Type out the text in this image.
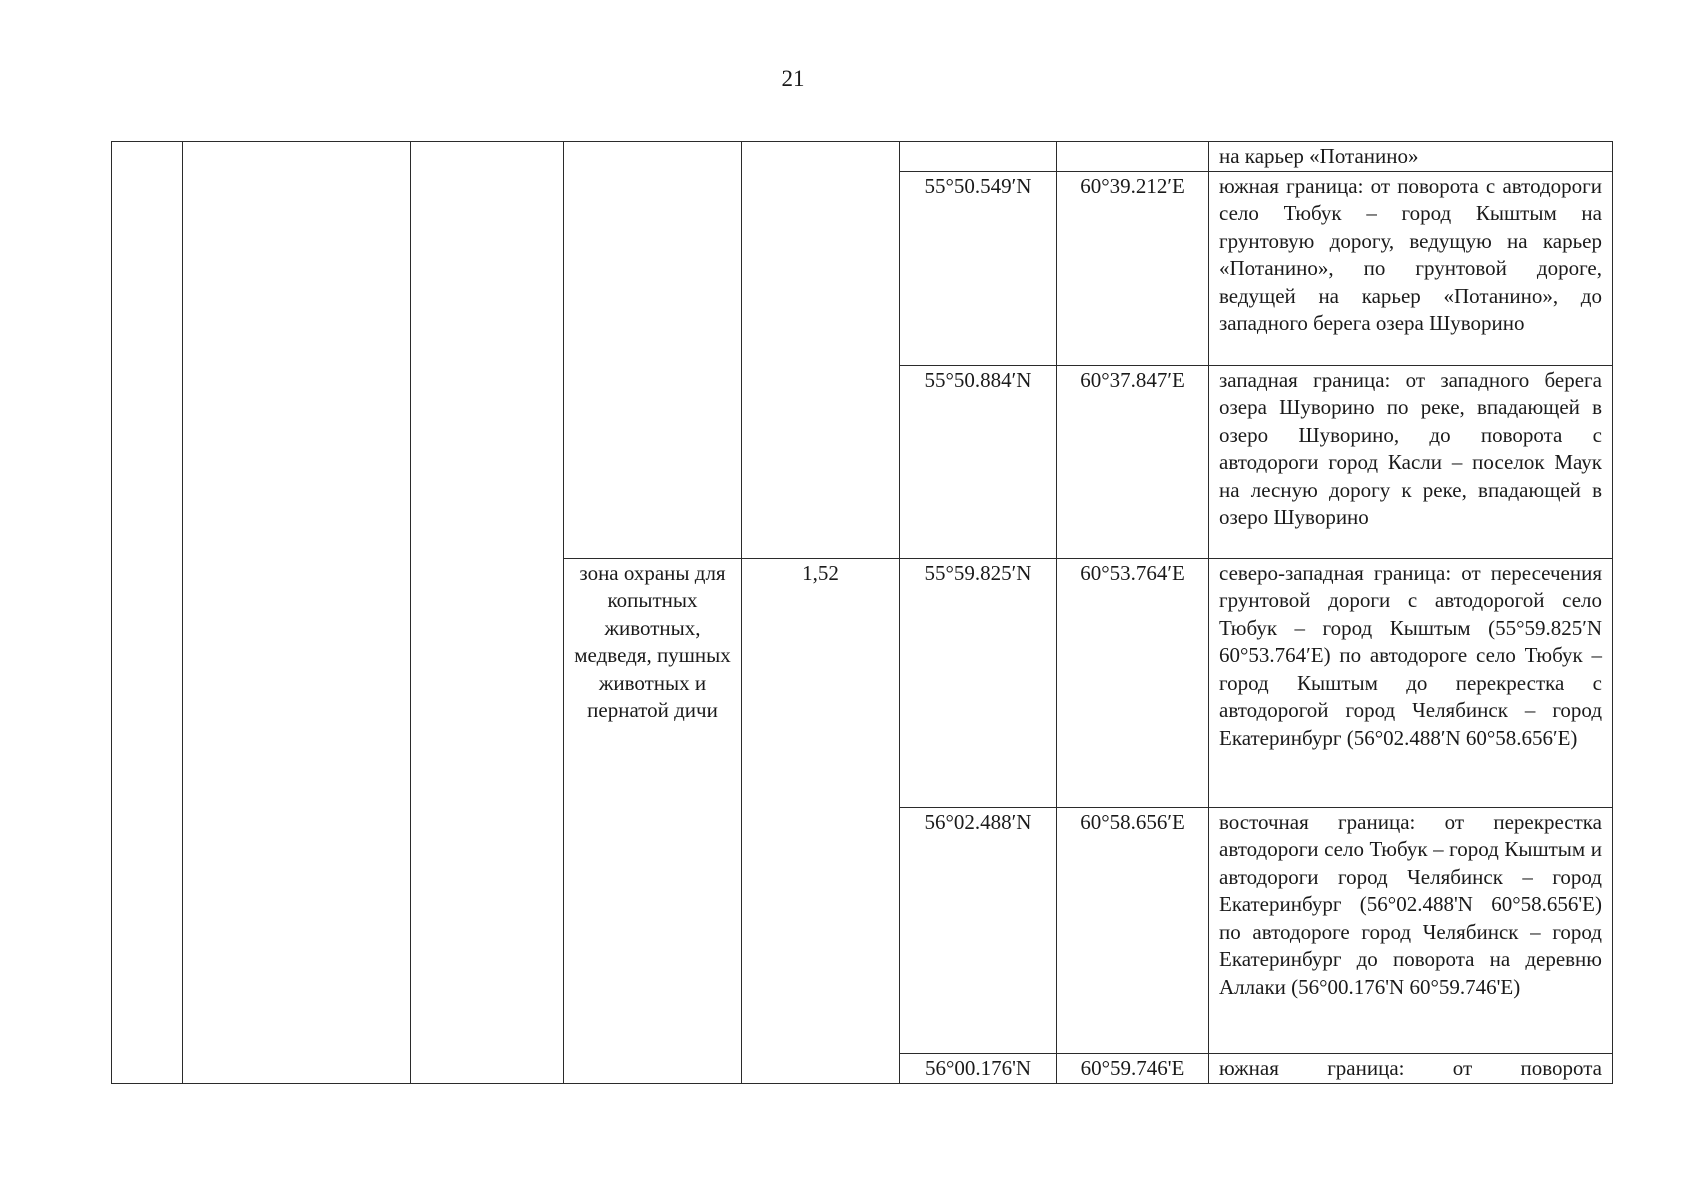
21
							на карьер «Потанино»
					55°50.549′N	60°39.212′E	южная граница: от поворота с автодороги село Тюбук – город Кыштым на грунтовую дорогу, ведущую на карьер «Потанино», по грунтовой дороге, ведущей на карьер «Потанино», до западного берега озера Шуворино
					55°50.884′N	60°37.847′E	западная граница: от западного берега озера Шуворино по реке, впадающей в озеро Шуворино, до поворота с автодороги город Касли – поселок Маук на лесную дорогу к реке, впадающей в озеро Шуворино
			зона охраны для копытных животных, медведя, пушных животных и пернатой дичи	1,52	55°59.825′N	60°53.764′E	северо-западная граница: от пересечения грунтовой дороги с автодорогой село Тюбук – город Кыштым (55°59.825′N 60°53.764′E) по автодороге село Тюбук – город Кыштым до перекрестка с автодорогой город Челябинск – город Екатеринбург (56°02.488′N 60°58.656′E)
					56°02.488′N	60°58.656′E	восточная граница: от перекрестка автодороги село Тюбук – город Кыштым и автодороги город Челябинск – город Екатеринбург (56°02.488'N 60°58.656'E) по автодороге город Челябинск – город Екатеринбург до поворота на деревню Аллаки (56°00.176'N 60°59.746'E)
					56°00.176'N	60°59.746'E	южная граница: от поворота
